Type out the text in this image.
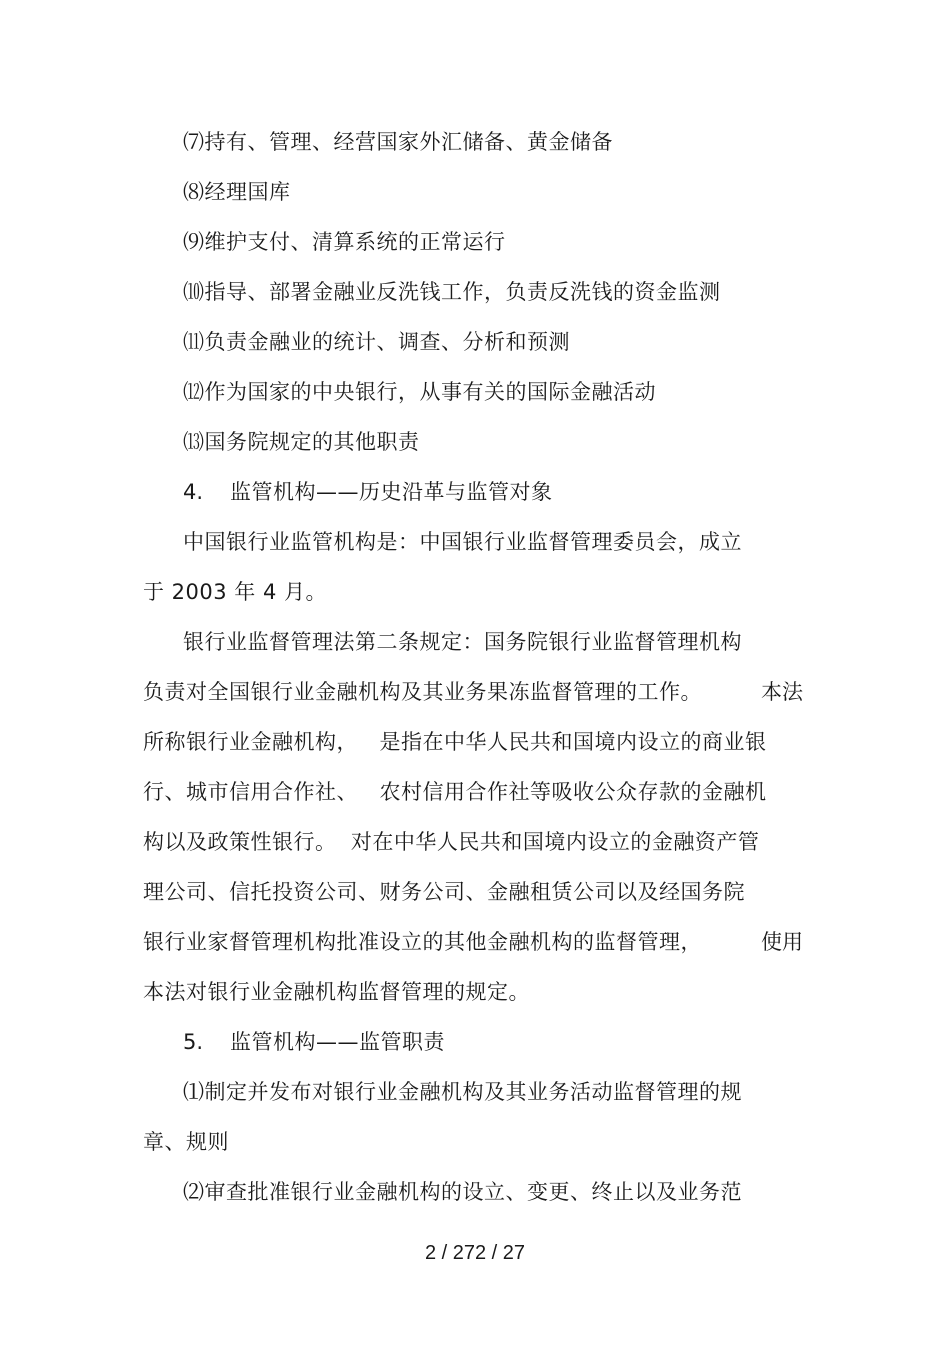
⑺持有、管理、经营国家外汇储备、黄金储备
⑻经理国库
⑼维护支付、清算系统的正常运行
⑽指导、部署金融业反洗钱工作，负责反洗钱的资金监测
⑾负责金融业的统计、调查、分析和预测
⑿作为国家的中央银行，从事有关的国际金融活动
⒀国务院规定的其他职责
4. 监管机构——历史沿革与监管对象
中国银行业监管机构是：中国银行业监督管理委员会，成立
于 2003 年 4 月。
银行业监督管理法第二条规定：国务院银行业监督管理机构
负责对全国银行业金融机构及其业务果冻监督管理的工作。	本法
所称银行业金融机构，   是指在中华人民共和国境内设立的商业银
行、城市信用合作社、   农村信用合作社等吸收公众存款的金融机
构以及政策性银行。  对在中华人民共和国境内设立的金融资产管
理公司、信托投资公司、财务公司、金融租赁公司以及经国务院
银行业家督管理机构批准设立的其他金融机构的监督管理，	使用
本法对银行业金融机构监督管理的规定。
5. 监管机构——监管职责
⑴制定并发布对银行业金融机构及其业务活动监督管理的规
章、规则
⑵审查批准银行业金融机构的设立、变更、终止以及业务范
2 / 272 / 27
